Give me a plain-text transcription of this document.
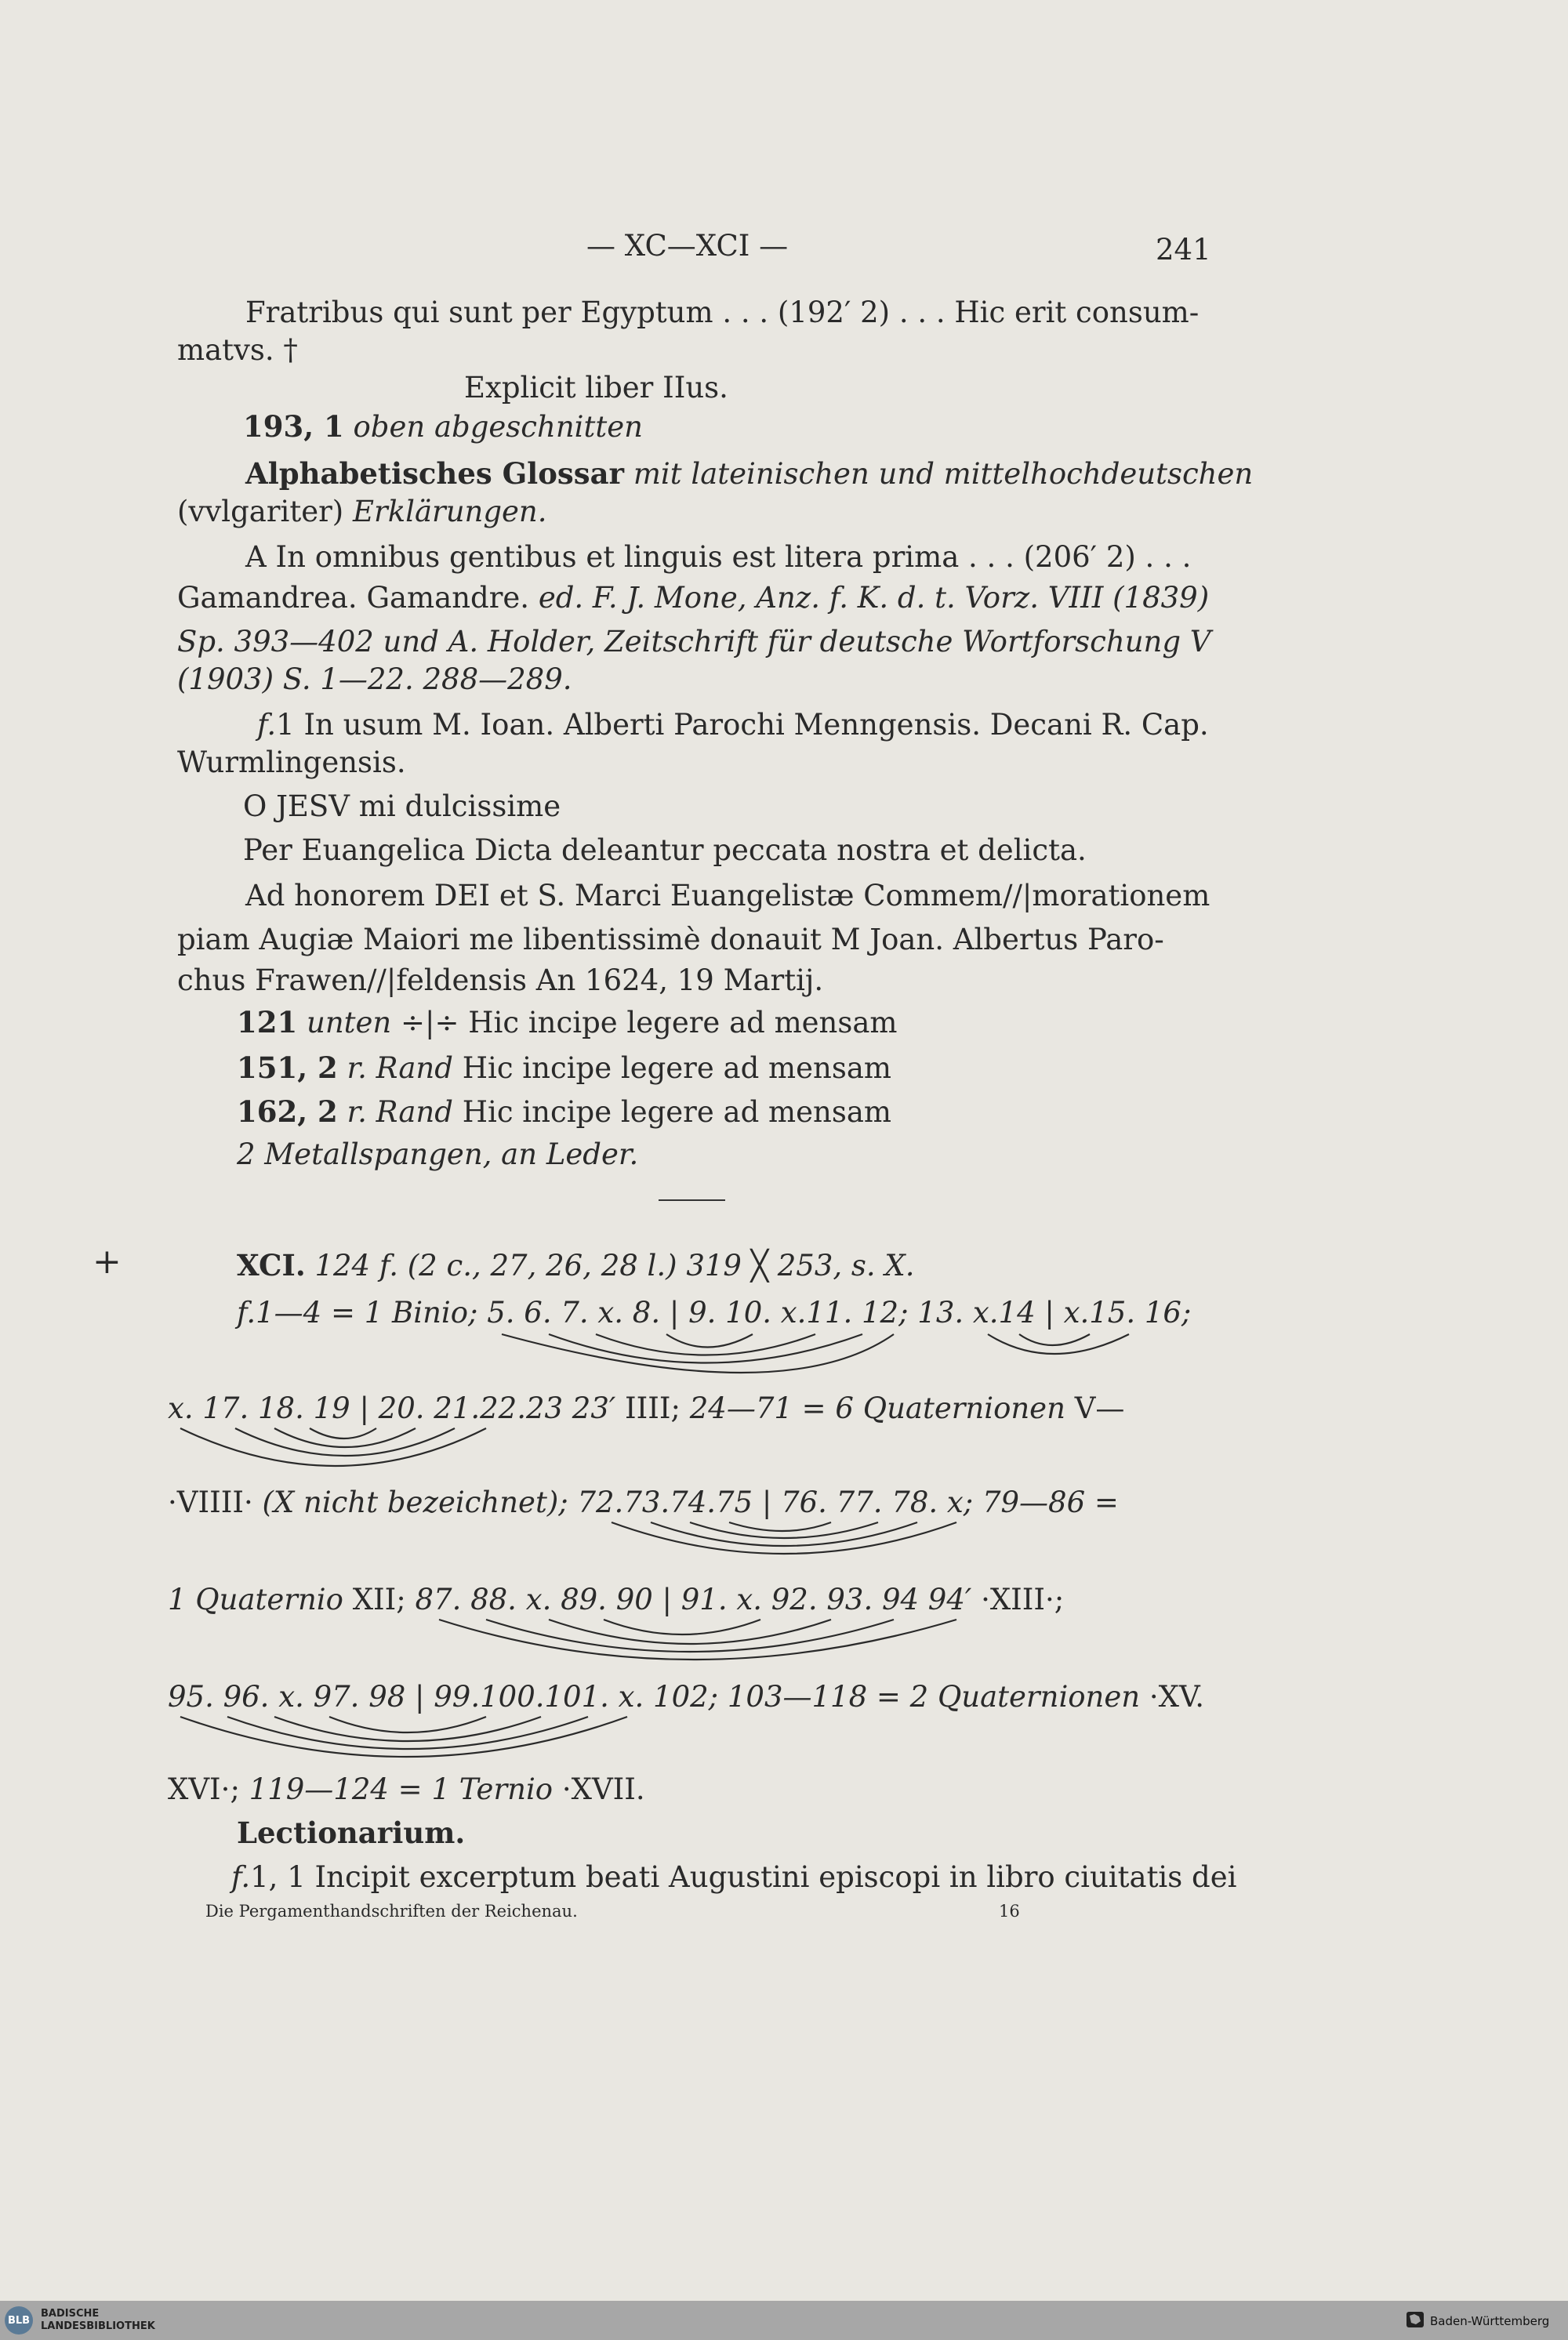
— XC—XCI —	241
Fratribus qui sunt per Egyptum . . . (192′ 2) . . . Hic erit consum-
matvs. †
Explicit liber IIus.
193, 1 oben abgeschnitten
Alphabetisches Glossar mit lateinischen und mittelhochdeutschen
(vvlgariter) Erklärungen.
A In omnibus gentibus et linguis est litera prima . . . (206′ 2) . . .
Gamandrea. Gamandre. ed. F. J. Mone, Anz. f. K. d. t. Vorz. VIII (1839)
Sp. 393—402 und A. Holder, Zeitschrift für deutsche Wortforschung V
(1903) S. 1—22. 288—289.
f.1 In usum M. Ioan. Alberti Parochi Menngensis. Decani R. Cap.
Wurmlingensis.
O JESV mi dulcissime
Per Euangelica Dicta deleantur peccata nostra et delicta.
Ad honorem DEI et S. Marci Euangelistæ Commem//|morationem
piam Augiæ Maiori me libentissimè donauit M Joan. Albertus Paro-
chus Frawen//|feldensis An 1624, 19 Martij.
121 unten ÷|÷ Hic incipe legere ad mensam
151, 2 r. Rand Hic incipe legere ad mensam
162, 2 r. Rand Hic incipe legere ad mensam
2 Metallspangen, an Leder.
+	XCI. 124 f. (2 c., 27, 26, 28 l.) 319 ╳ 253, s. X.
f.1—4 = 1 Binio; 5. 6. 7. x. 8. | 9. 10. x.11. 12; 13. x.14 | x.15. 16;
x. 17. 18. 19 | 20. 21.22.23 23′ IIII; 24—71 = 6 Quaternionen V—
·VIIII· (X nicht bezeichnet); 72.73.74.75 | 76. 77. 78. x; 79—86 =
1 Quaternio XII; 87. 88. x. 89. 90 | 91. x. 92. 93. 94 94′ ·XIII·;
95. 96. x. 97. 98 | 99.100.101. x. 102; 103—118 = 2 Quaternionen ·XV.
XVI·; 119—124 = 1 Ternio ·XVII.
Lectionarium.
f.1, 1 Incipit excerptum beati Augustini episcopi in libro ciuitatis dei
Die Pergamenthandschriften der Reichenau.	16
BLB
BADISCHE
LANDESBIBLIOTHEK	Baden-Württemberg
